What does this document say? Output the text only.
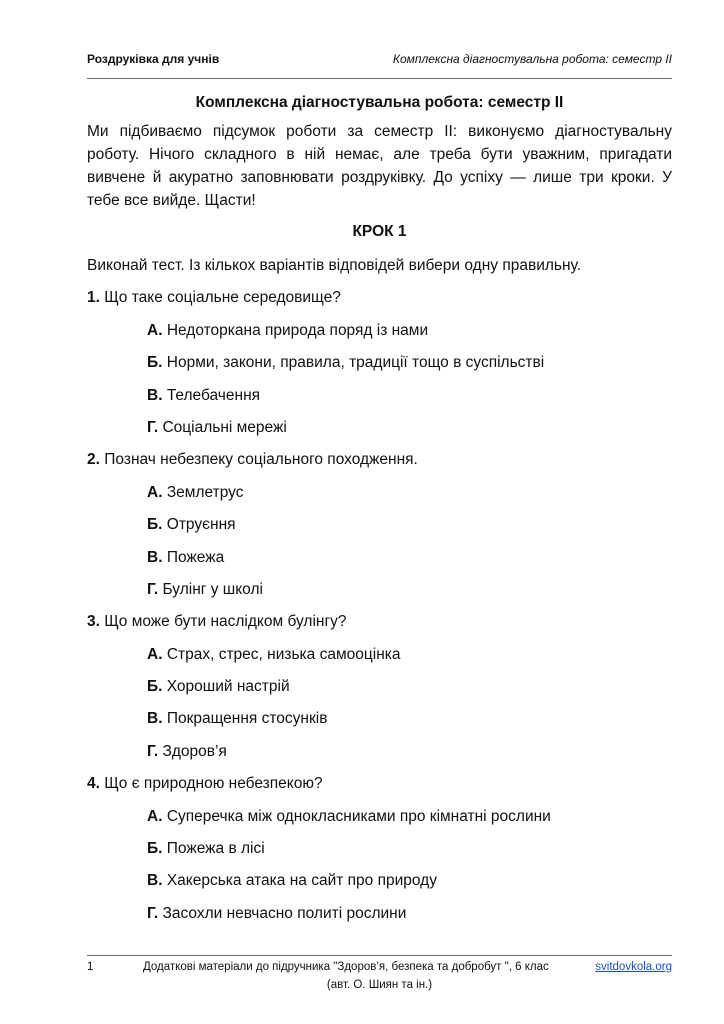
Роздруківка для учнів	Комплексна діагностувальна робота: семестр ІІ
Комплексна діагностувальна робота: семестр ІІ

Ми підбиваємо підсумок роботи за семестр ІІ: виконуємо діагностувальну роботу. Нічого складного в ній немає, але треба бути уважним, пригадати вивчене й акуратно заповнювати роздруківку. До успіху — лише три кроки. У тебе все вийде. Щасти!

КРОК 1
Виконай тест. Із кількох варіантів відповідей вибери одну правильну.
1. Що таке соціальне середовище?
А. Недоторкана природа поряд із нами
Б. Норми, закони, правила, традиції тощо в суспільстві
В. Телебачення
Г. Соціальні мережі
2. Познач небезпеку соціального походження.
А. Землетрус
Б. Отруєння
В. Пожежа
Г. Булінг у школі
3. Що може бути наслідком булінгу?
А. Страх, стрес, низька самооцінка
Б. Хороший настрій
В. Покращення стосунків
Г. Здоров’я
4. Що є природною небезпекою?
А. Суперечка між однокласниками про кімнатні рослини
Б. Пожежа в лісі
В. Хакерська атака на сайт про природу
Г. Засохли невчасно политі рослини
1	Додаткові матеріали до підручника "Здоров’я, безпека та добробут ", 6 клас
(авт. О. Шиян та ін.)
svitdovkola.org
